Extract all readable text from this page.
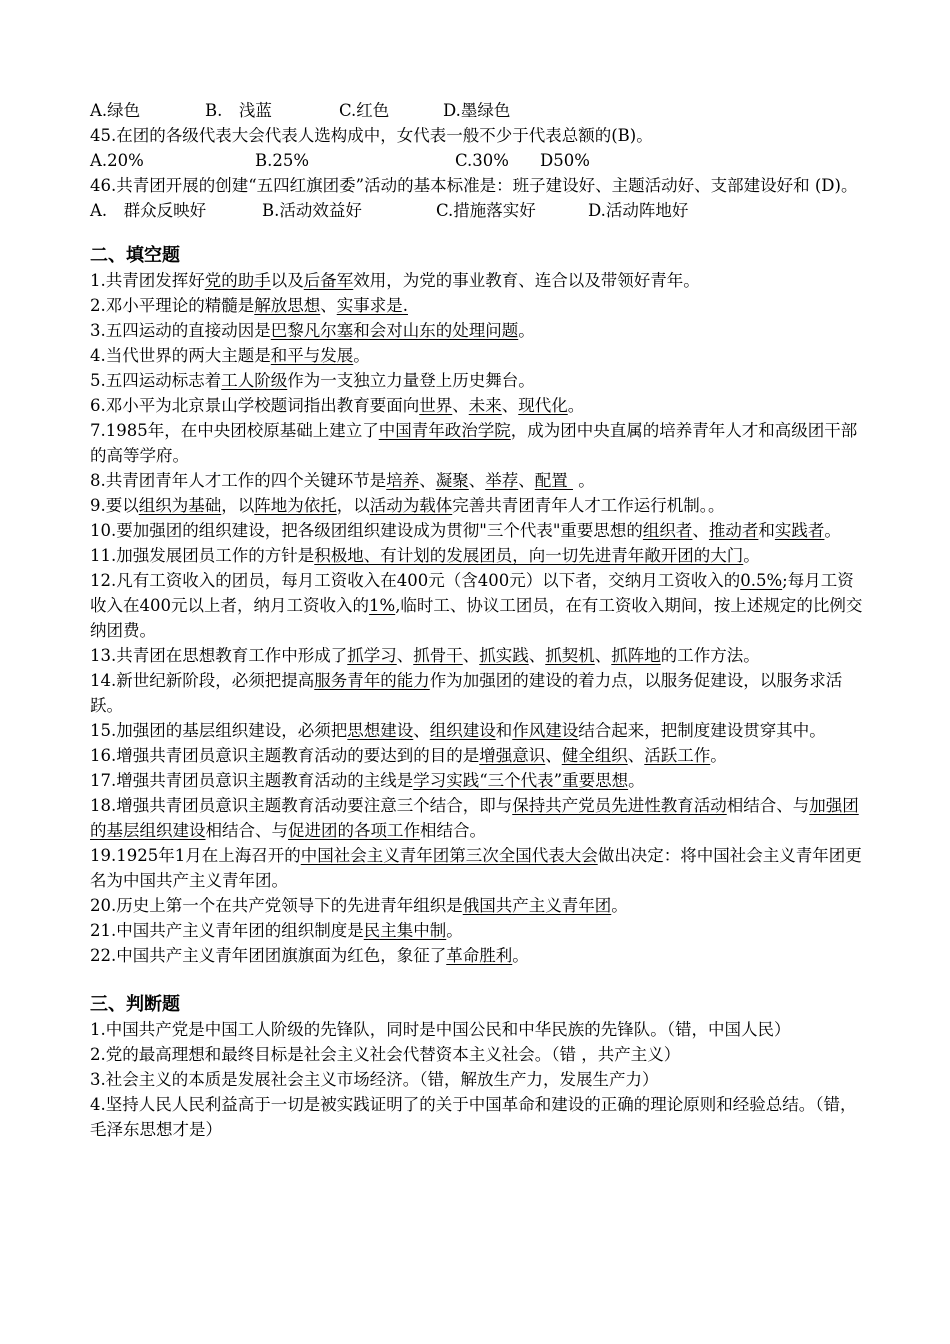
A.绿色	B.　浅蓝	C.红色	D.墨绿色
45.在团的各级代表大会代表人选构成中，女代表一般不少于代表总额的(B)。
A.20%	B.25%	C.30% D50%
46.共青团开展的创建“五四红旗团委”活动的基本标准是：班子建设好、主题活动好、支部建设好和 (D)。
A.　群众反映好	B.活动效益好	C.措施落实好	D.活动阵地好
二、填空题
1.共青团发挥好党的助手以及后备军效用，为党的事业教育、连合以及带领好青年。
2.邓小平理论的精髓是解放思想、实事求是.
3.五四运动的直接动因是巴黎凡尔塞和会对山东的处理问题。
4.当代世界的两大主题是和平与发展。
5.五四运动标志着工人阶级作为一支独立力量登上历史舞台。
6.邓小平为北京景山学校题词指出教育要面向世界、未来、现代化。
7.1985年，在中央团校原基础上建立了中国青年政治学院，成为团中央直属的培养青年人才和高级团干部的高等学府。
8.共青团青年人才工作的四个关键环节是培养、凝聚、举荐、配置  。
9.要以组织为基础，以阵地为依托，以活动为载体完善共青团青年人才工作运行机制。。
10.要加强团的组织建设，把各级团组织建设成为贯彻"三个代表"重要思想的组织者、推动者和实践者。
11.加强发展团员工作的方针是积极地、有计划的发展团员，向一切先进青年敞开团的大门。
12.凡有工资收入的团员，每月工资收入在400元（含400元）以下者，交纳月工资收入的0.5%;每月工资收入在400元以上者，纳月工资收入的1%,临时工、协议工团员，在有工资收入期间，按上述规定的比例交纳团费。
13.共青团在思想教育工作中形成了抓学习、抓骨干、抓实践、抓契机、抓阵地的工作方法。
14.新世纪新阶段，必须把提高服务青年的能力作为加强团的建设的着力点，以服务促建设，以服务求活跃。
15.加强团的基层组织建设，必须把思想建设、组织建设和作风建设结合起来，把制度建设贯穿其中。
16.增强共青团员意识主题教育活动的要达到的目的是增强意识、健全组织、活跃工作。
17.增强共青团员意识主题教育活动的主线是学习实践“三个代表”重要思想。
18.增强共青团员意识主题教育活动要注意三个结合，即与保持共产党员先进性教育活动相结合、与加强团的基层组织建设相结合、与促进团的各项工作相结合。
19.1925年1月在上海召开的中国社会主义青年团第三次全国代表大会做出决定：将中国社会主义青年团更名为中国共产主义青年团。
20.历史上第一个在共产党领导下的先进青年组织是俄国共产主义青年团。
21.中国共产主义青年团的组织制度是民主集中制。
22.中国共产主义青年团团旗旗面为红色，象征了革命胜利。
三、判断题
1.中国共产党是中国工人阶级的先锋队，同时是中国公民和中华民族的先锋队。（错，中国人民）
2.党的最高理想和最终目标是社会主义社会代替资本主义社会。（错 ，共产主义）
3.社会主义的本质是发展社会主义市场经济。（错，解放生产力，发展生产力）
4.坚持人民人民利益高于一切是被实践证明了的关于中国革命和建设的正确的理论原则和经验总结。（错，毛泽东思想才是）
